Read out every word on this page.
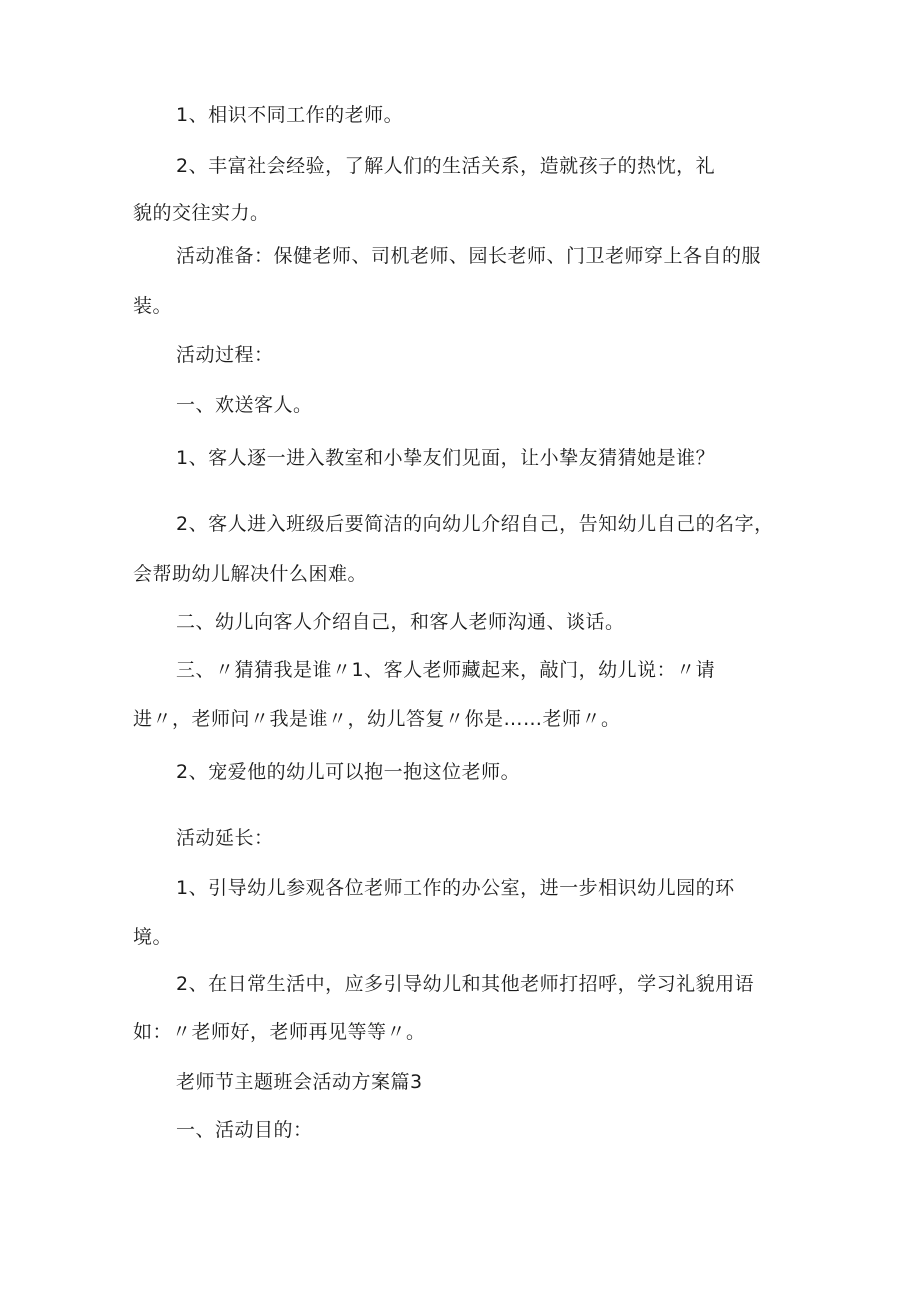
1、相识不同工作的老师。
2、丰富社会经验，了解人们的生活关系，造就孩子的热忱，礼
貌的交往实力。
活动准备：保健老师、司机老师、园长老师、门卫老师穿上各自的服
装。
活动过程：
一、欢送客人。
1、客人逐一进入教室和小挚友们见面，让小挚友猜猜她是谁？
2、客人进入班级后要简洁的向幼儿介绍自己，告知幼儿自己的名字，
会帮助幼儿解决什么困难。
二、幼儿向客人介绍自己，和客人老师沟通、谈话。
三、〃猜猜我是谁〃1、客人老师藏起来，敲门，幼儿说：〃请
进〃，老师问〃我是谁〃，幼儿答复〃你是……老师〃。
2、宠爱他的幼儿可以抱一抱这位老师。
活动延长：
1、引导幼儿参观各位老师工作的办公室，进一步相识幼儿园的环
境。
2、在日常生活中，应多引导幼儿和其他老师打招呼，学习礼貌用语
如：〃老师好，老师再见等等〃。
老师节主题班会活动方案篇3
一、活动目的：
